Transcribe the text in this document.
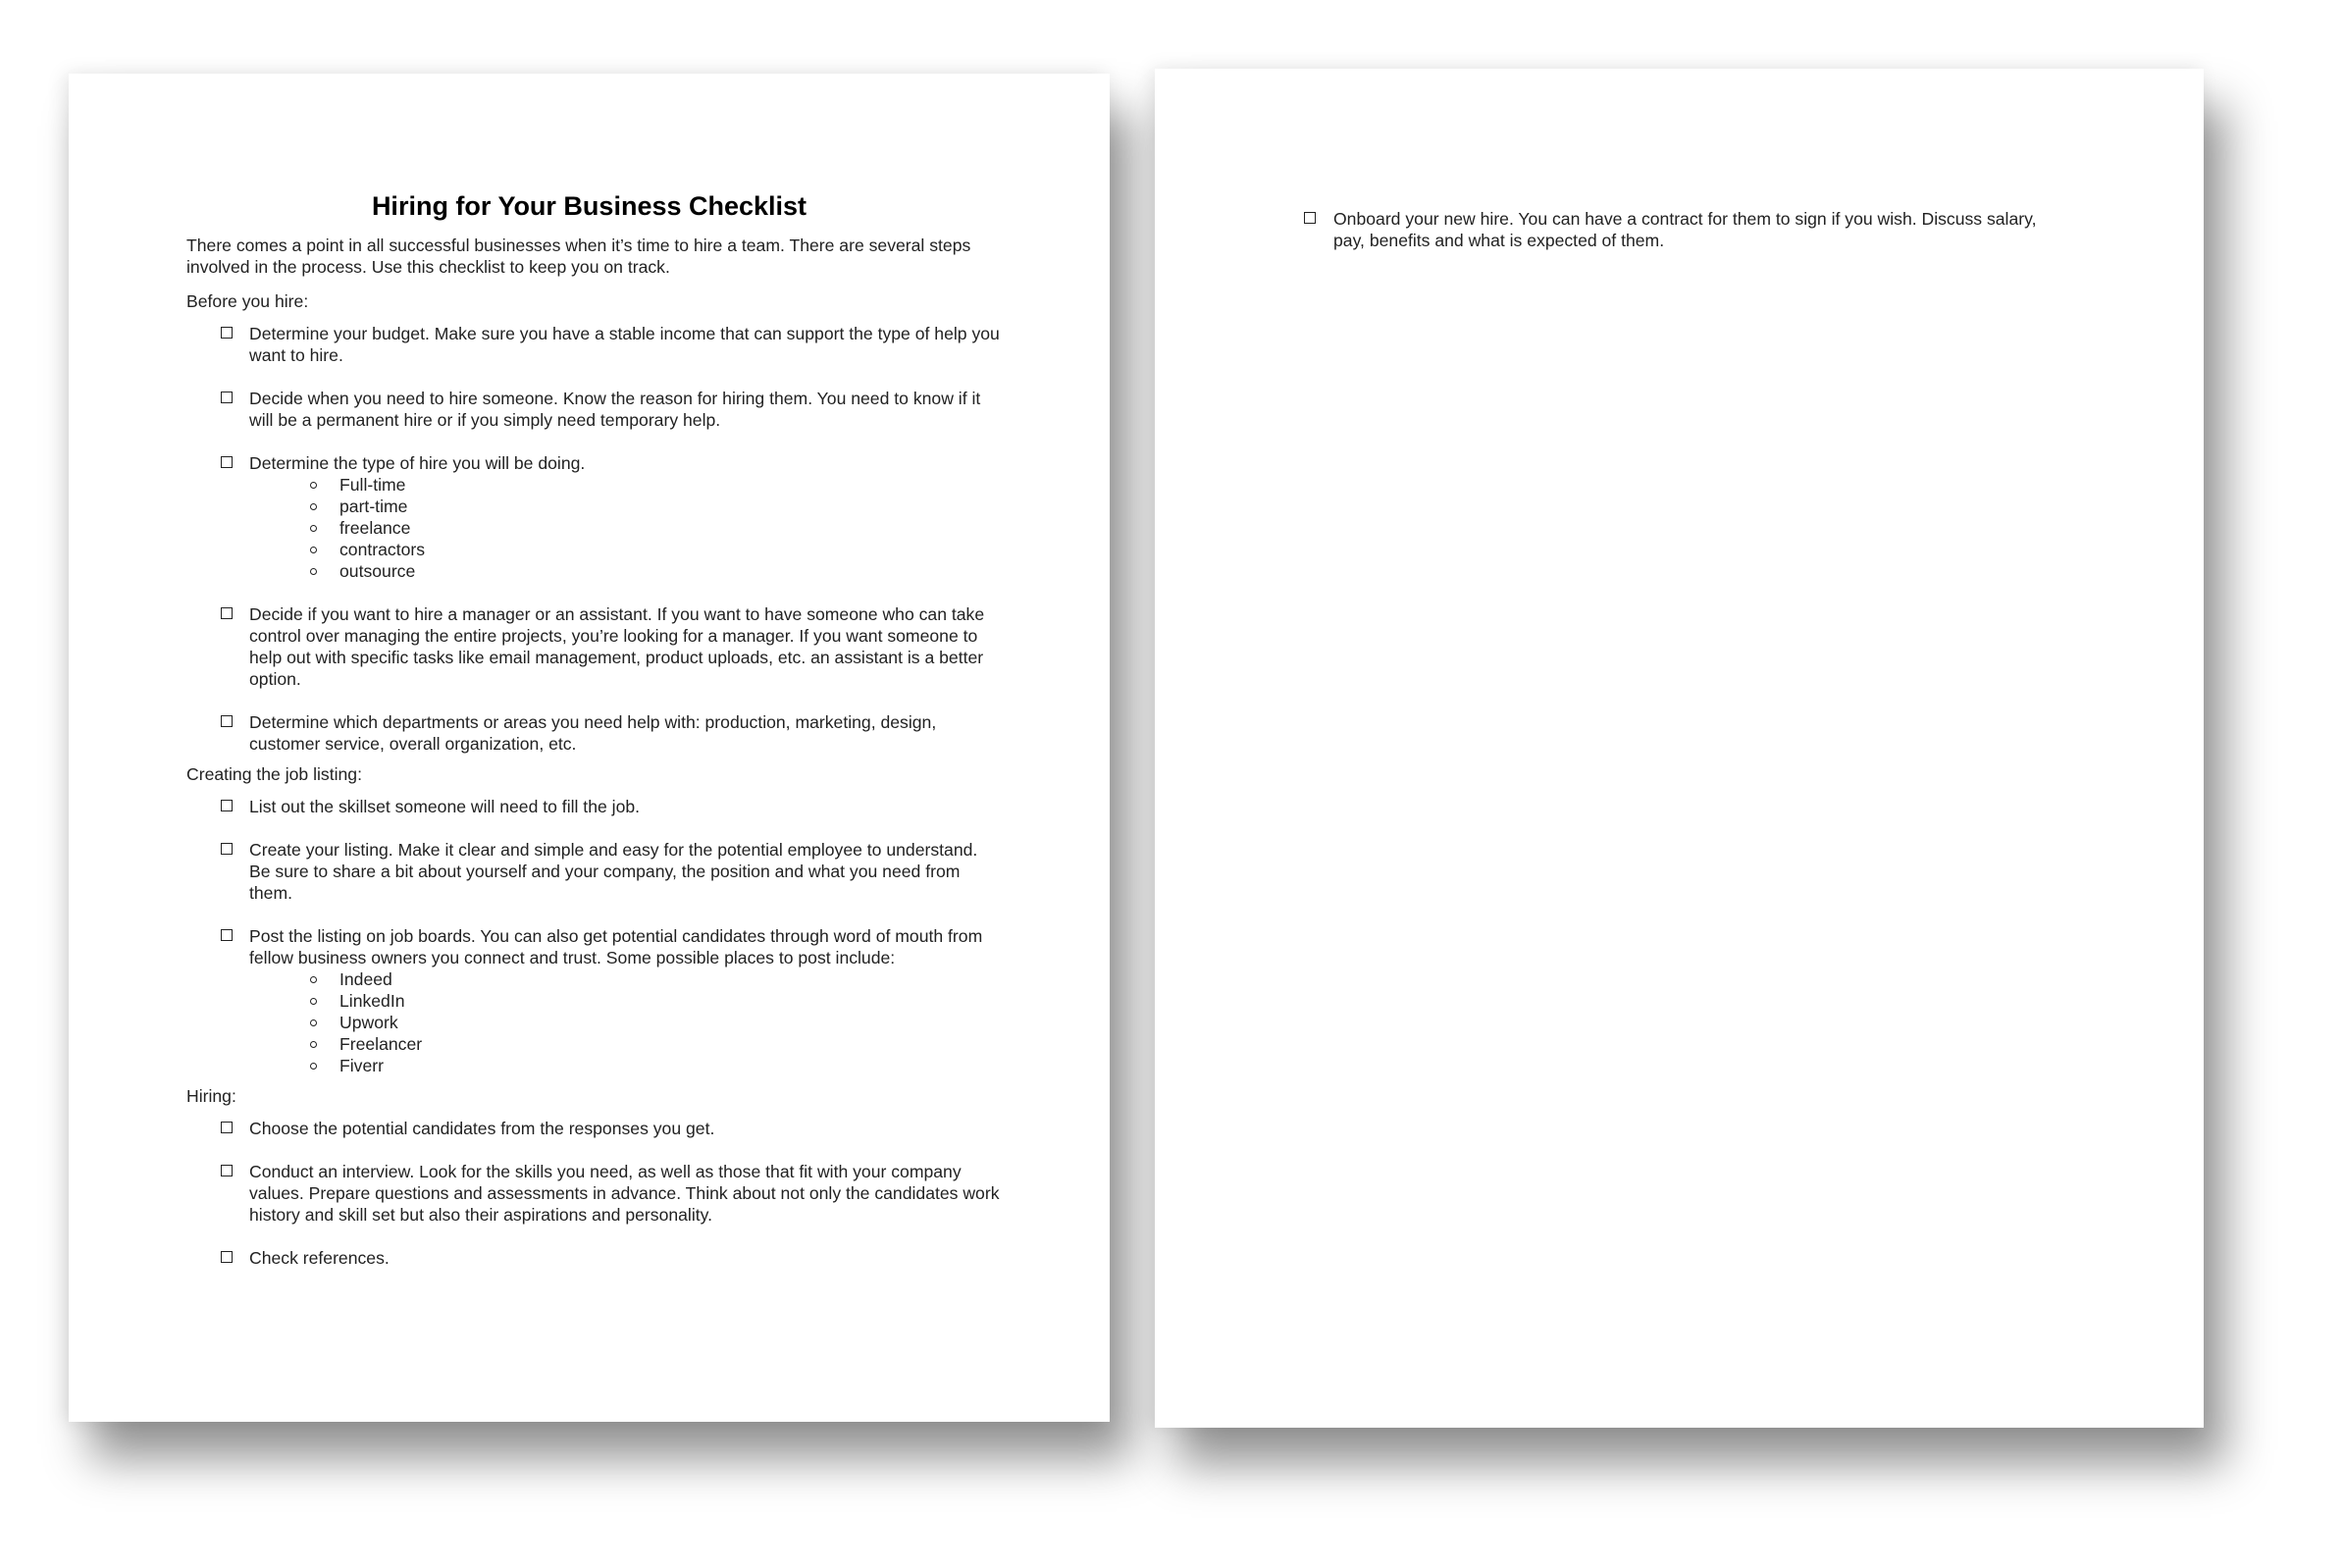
Hiring for Your Business Checklist

There comes a point in all successful businesses when it’s time to hire a team. There are several steps involved in the process. Use this checklist to keep you on track.

Before you hire:

Determine your budget. Make sure you have a stable income that can support the type of help you want to hire.
Decide when you need to hire someone. Know the reason for hiring them. You need to know if it will be a permanent hire or if you simply need temporary help.
Determine the type of hire you will be doing.
Full-time
part-time
freelance
contractors
outsource
Decide if you want to hire a manager or an assistant. If you want to have someone who can take control over managing the entire projects, you’re looking for a manager. If you want someone to help out with specific tasks like email management, product uploads, etc. an assistant is a better option.
Determine which departments or areas you need help with: production, marketing, design, customer service, overall organization, etc.

Creating the job listing:

List out the skillset someone will need to fill the job.
Create your listing. Make it clear and simple and easy for the potential employee to understand. Be sure to share a bit about yourself and your company, the position and what you need from them.
Post the listing on job boards. You can also get potential candidates through word of mouth from fellow business owners you connect and trust. Some possible places to post include:
Indeed
LinkedIn
Upwork
Freelancer
Fiverr

Hiring:

Choose the potential candidates from the responses you get.
Conduct an interview. Look for the skills you need, as well as those that fit with your company values. Prepare questions and assessments in advance. Think about not only the candidates work history and skill set but also their aspirations and personality.
Check references.
Onboard your new hire. You can have a contract for them to sign if you wish. Discuss salary, pay, benefits and what is expected of them.
